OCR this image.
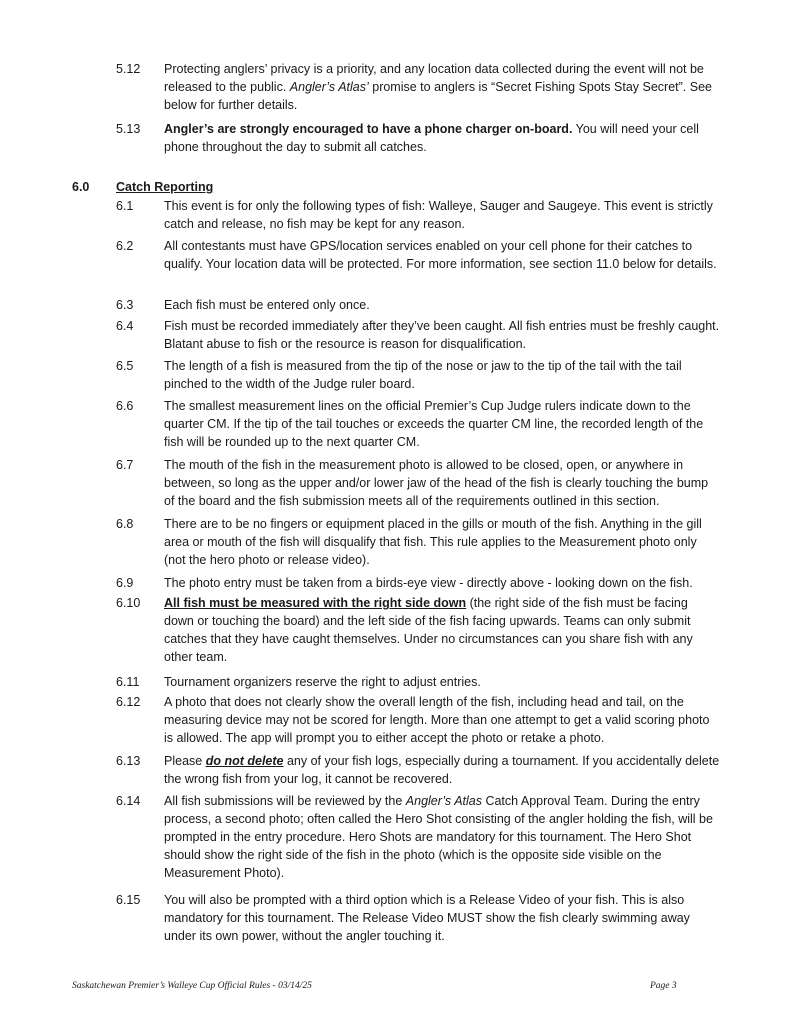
5.12 Protecting anglers’ privacy is a priority, and any location data collected during the event will not be released to the public. Angler’s Atlas’ promise to anglers is “Secret Fishing Spots Stay Secret”. See below for further details.
5.13 Angler’s are strongly encouraged to have a phone charger on-board. You will need your cell phone throughout the day to submit all catches.
6.0 Catch Reporting
6.1 This event is for only the following types of fish: Walleye, Sauger and Saugeye. This event is strictly catch and release, no fish may be kept for any reason.
6.2 All contestants must have GPS/location services enabled on your cell phone for their catches to qualify. Your location data will be protected. For more information, see section 11.0 below for details.
6.3 Each fish must be entered only once.
6.4 Fish must be recorded immediately after they’ve been caught. All fish entries must be freshly caught. Blatant abuse to fish or the resource is reason for disqualification.
6.5 The length of a fish is measured from the tip of the nose or jaw to the tip of the tail with the tail pinched to the width of the Judge ruler board.
6.6 The smallest measurement lines on the official Premier’s Cup Judge rulers indicate down to the quarter CM. If the tip of the tail touches or exceeds the quarter CM line, the recorded length of the fish will be rounded up to the next quarter CM.
6.7 The mouth of the fish in the measurement photo is allowed to be closed, open, or anywhere in between, so long as the upper and/or lower jaw of the head of the fish is clearly touching the bump of the board and the fish submission meets all of the requirements outlined in this section.
6.8 There are to be no fingers or equipment placed in the gills or mouth of the fish. Anything in the gill area or mouth of the fish will disqualify that fish. This rule applies to the Measurement photo only (not the hero photo or release video).
6.9 The photo entry must be taken from a birds-eye view - directly above - looking down on the fish.
6.10 All fish must be measured with the right side down (the right side of the fish must be facing down or touching the board) and the left side of the fish facing upwards. Teams can only submit catches that they have caught themselves. Under no circumstances can you share fish with any other team.
6.11 Tournament organizers reserve the right to adjust entries.
6.12 A photo that does not clearly show the overall length of the fish, including head and tail, on the measuring device may not be scored for length. More than one attempt to get a valid scoring photo is allowed. The app will prompt you to either accept the photo or retake a photo.
6.13 Please do not delete any of your fish logs, especially during a tournament. If you accidentally delete the wrong fish from your log, it cannot be recovered.
6.14 All fish submissions will be reviewed by the Angler’s Atlas Catch Approval Team. During the entry process, a second photo; often called the Hero Shot consisting of the angler holding the fish, will be prompted in the entry procedure. Hero Shots are mandatory for this tournament. The Hero Shot should show the right side of the fish in the photo (which is the opposite side visible on the Measurement Photo).
6.15 You will also be prompted with a third option which is a Release Video of your fish. This is also mandatory for this tournament. The Release Video MUST show the fish clearly swimming away under its own power, without the angler touching it.
Saskatchewan Premier’s Walleye Cup Official Rules - 03/14/25	Page 3
